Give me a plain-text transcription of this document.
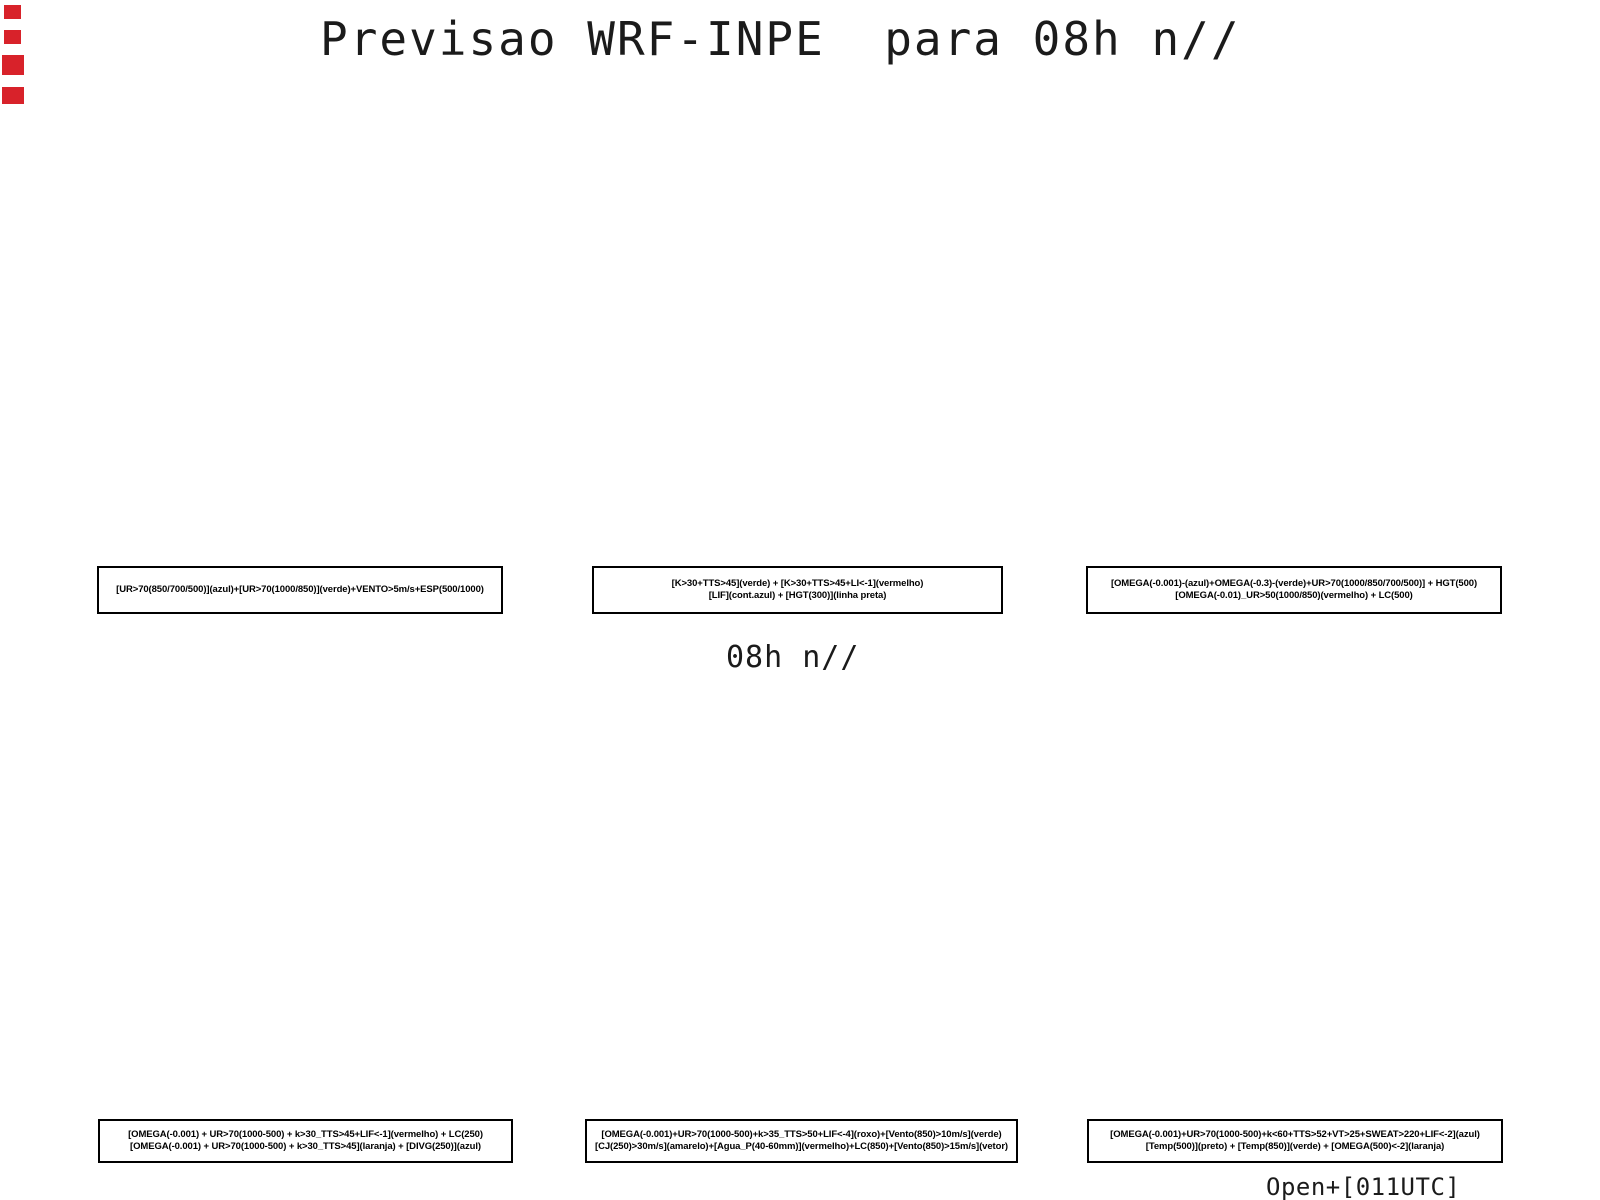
Previsao WRF-INPE  para 08h n//
[UR>70(850/700/500)](azul)+[UR>70(1000/850)](verde)+VENTO>5m/s+ESP(500/1000)
[K>30+TTS>45](verde) + [K>30+TTS>45+LI<-1](vermelho)
[LIF](cont.azul) + [HGT(300)](linha preta)
[OMEGA(-0.001)-(azul)+OMEGA(-0.3)-(verde)+UR>70(1000/850/700/500)] + HGT(500)
[OMEGA(-0.01)_UR>50(1000/850)(vermelho) + LC(500)
08h n//
[OMEGA(-0.001) + UR>70(1000-500) + k>30_TTS>45+LIF<-1](vermelho) + LC(250)
[OMEGA(-0.001) + UR>70(1000-500) + k>30_TTS>45](laranja) + [DIVG(250)](azul)
[OMEGA(-0.001)+UR>70(1000-500)+k>35_TTS>50+LIF<-4](roxo)+[Vento(850)>10m/s](verde)
[CJ(250)>30m/s](amarelo)+[Agua_P(40-60mm)](vermelho)+LC(850)+[Vento(850)>15m/s](vetor)
[OMEGA(-0.001)+UR>70(1000-500)+k<60+TTS>52+VT>25+SWEAT>220+LIF<-2](azul)
[Temp(500)](preto) + [Temp(850)](verde) + [OMEGA(500)<-2](laranja)
Open+[011UTC]
